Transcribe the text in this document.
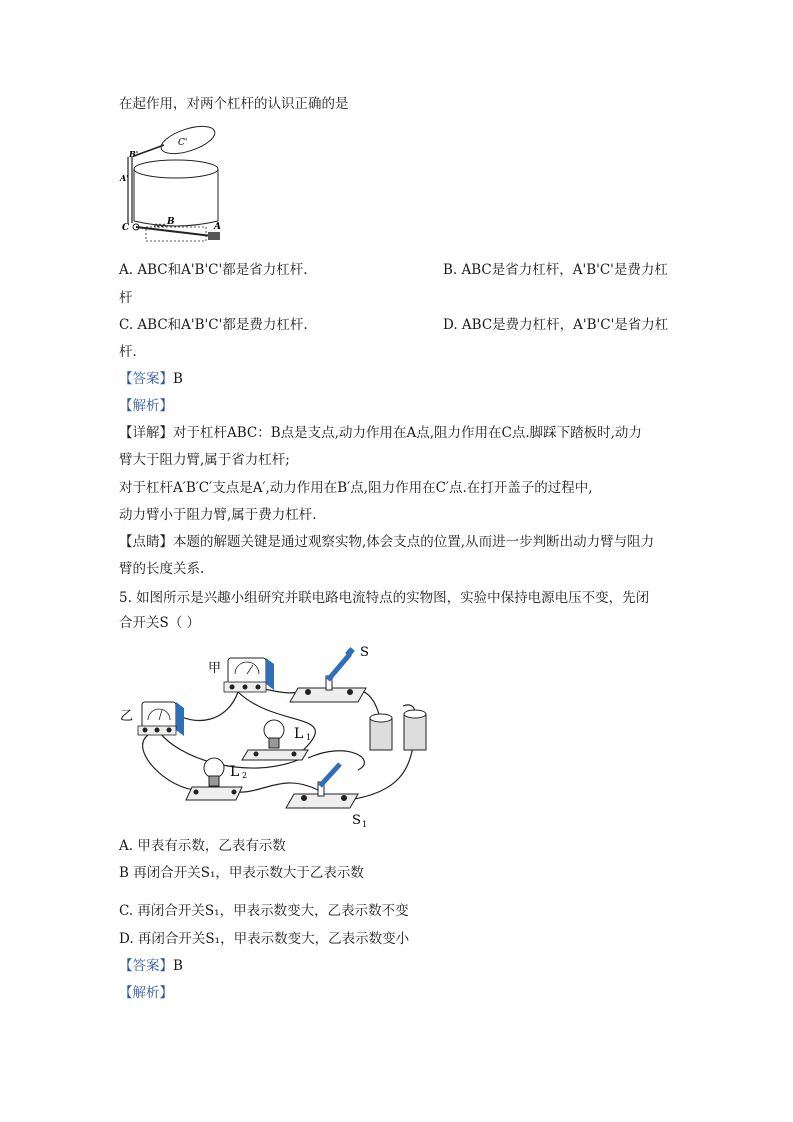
在起作用，对两个杠杆的认识正确的是
C'
B'
A'
C
B	A
A. ABC和A'B'C'都是省力杠杆.	B. ABC是省力杠杆，A'B'C'是费力杠
杆
C. ABC和A'B'C'都是费力杠杆.	D. ABC是费力杠杆，A'B'C'是省力杠
杆.
【答案】B
【解析】
【详解】对于杠杆ABC：B点是支点,动力作用在A点,阻力作用在C点.脚踩下踏板时,动力
臂大于阻力臂,属于省力杠杆;
对于杠杆A′B′C′支点是A′,动力作用在B′点,阻力作用在C′点.在打开盖子的过程中,
动力臂小于阻力臂,属于费力杠杆.
【点睛】本题的解题关键是通过观察实物,体会支点的位置,从而进一步判断出动力臂与阻力
臂的长度关系.
5. 如图所示是兴趣小组研究并联电路电流特点的实物图，实验中保持电源电压不变，先闭
合开关S（ ）
甲
乙
S
L 1
L 2
S 1
A. 甲表有示数，乙表有示数
B 再闭合开关S₁，甲表示数大于乙表示数
C. 再闭合开关S₁，甲表示数变大，乙表示数不变
D. 再闭合开关S₁，甲表示数变大，乙表示数变小
【答案】B
【解析】
